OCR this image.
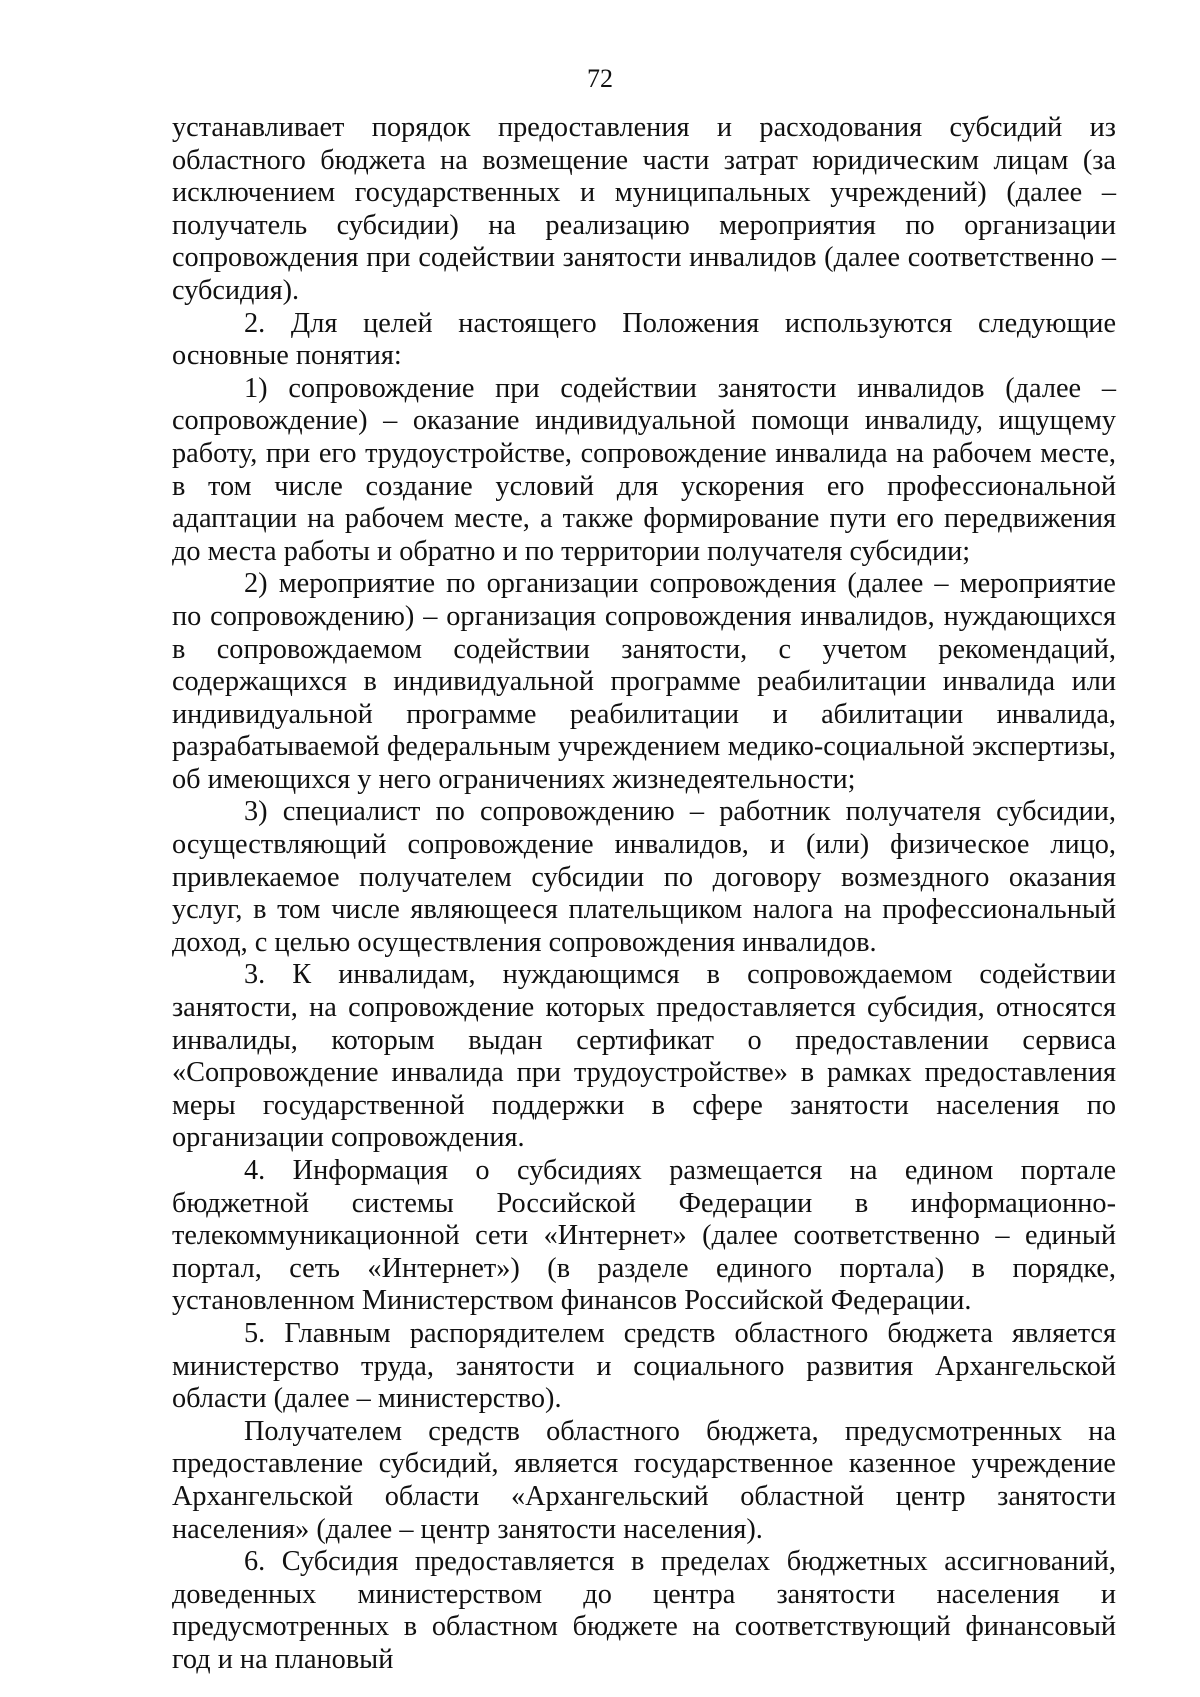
72

устанавливает порядок предоставления и расходования субсидий из областного бюджета на возмещение части затрат юридическим лицам (за исключением государственных и муниципальных учреждений) (далее – получатель субсидии) на реализацию мероприятия по организации сопровождения при содействии занятости инвалидов (далее соответственно – субсидия).

2. Для целей настоящего Положения используются следующие основные понятия:

1) сопровождение при содействии занятости инвалидов (далее – сопровождение) – оказание индивидуальной помощи инвалиду, ищущему работу, при его трудоустройстве, сопровождение инвалида на рабочем месте, в том числе создание условий для ускорения его профессиональной адаптации на рабочем месте, а также формирование пути его передвижения до места работы и обратно и по территории получателя субсидии;

2) мероприятие по организации сопровождения (далее – мероприятие по сопровождению) – организация сопровождения инвалидов, нуждающихся в сопровождаемом содействии занятости, с учетом рекомендаций, содержащихся в индивидуальной программе реабилитации инвалида или индивидуальной программе реабилитации и абилитации инвалида, разрабатываемой федеральным учреждением медико-социальной экспертизы, об имеющихся у него ограничениях жизнедеятельности;

3) специалист по сопровождению – работник получателя субсидии, осуществляющий сопровождение инвалидов, и (или) физическое лицо, привлекаемое получателем субсидии по договору возмездного оказания услуг, в том числе являющееся плательщиком налога на профессиональный доход, с целью осуществления сопровождения инвалидов.

3. К инвалидам, нуждающимся в сопровождаемом содействии занятости, на сопровождение которых предоставляется субсидия, относятся инвалиды, которым выдан сертификат о предоставлении сервиса «Сопровождение инвалида при трудоустройстве» в рамках предоставления меры государственной поддержки в сфере занятости населения по организации сопровождения.

4. Информация о субсидиях размещается на едином портале бюджетной системы Российской Федерации в информационно-телекоммуникационной сети «Интернет» (далее соответственно – единый портал, сеть «Интернет») (в разделе единого портала) в порядке, установленном Министерством финансов Российской Федерации.

5. Главным распорядителем средств областного бюджета является министерство труда, занятости и социального развития Архангельской области (далее – министерство).

Получателем средств областного бюджета, предусмотренных на предоставление субсидий, является государственное казенное учреждение Архангельской области «Архангельский областной центр занятости населения» (далее – центр занятости населения).

6. Субсидия предоставляется в пределах бюджетных ассигнований, доведенных министерством до центра занятости населения и предусмотренных в областном бюджете на соответствующий финансовый год и на плановый
